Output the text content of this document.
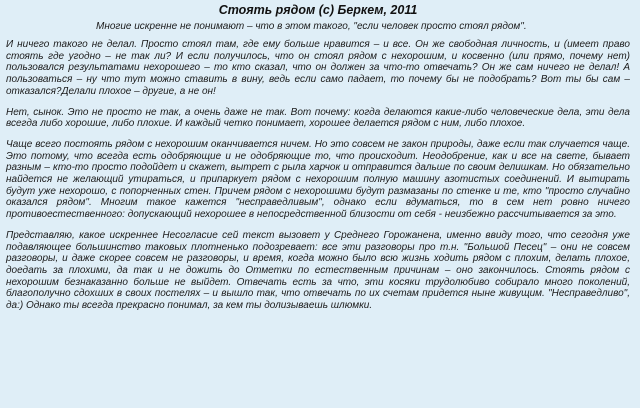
Стоять рядом (с) Беркем, 2011
Многие искренне не понимают – что в этом такого, "если человек просто стоял рядом".

И ничего такого не делал. Просто стоял там, где ему больше нравится – и все. Он же свободная личность, и (имеет право стоять где угодно – не так ли? И если получилось, что он стоял рядом с нехорошим, и косвенно (или прямо, почему нет) пользовался результатами нехорошего – то кто сказал, что он должен за что-то отвечать? Он же сам ничего не делал! А пользоваться – ну что тут можно ставить в вину, ведь если само падает, то почему бы не подобрать? Вот ты бы сам – отказался?Делали плохое – другие, а не он!

Нет, сынок. Это не просто не так, а очень даже не так. Вот почему: когда делаются какие-либо человеческие дела, эти дела всегда либо хорошие, либо плохие. И каждый четко понимает, хорошее делается рядом с ним, либо плохое.

Чаще всего постоять рядом с нехорошим оканчивается ничем. Но это совсем не закон природы, даже если так случается чаще. Это потому, что всегда есть одобряющие и не одобряющие то, что происходит. Неодобрение, как и все на свете, бывает разным – кто-то просто подойдет и скажет, вытрет с рыла харчок и отправится дальше по своим делишкам. Но обязательно найдется не желающий утираться, и припаркует рядом с нехорошим полную машину азотистых соединений. И вытирать будут уже нехорошо, с попорченных стен. Причем рядом с нехорошими будут размазаны по стенке и те, кто "просто случайно оказался рядом". Многим такое кажется "несправедливым", однако если вдуматься, то в сем нет ровно ничего противоестественного: допускающий нехорошее в непосредственной близости от себя - неизбежно рассчитывается за это.

Представляю, какое искреннее Несогласие сей текст вызовет у Среднего Горожанена, именно ввиду того, что сегодня уже подавляющее большинство таковых плотненько подозревает: все эти разговоры про т.н. "Большой Песец" – они не совсем разговоры, и даже скорее совсем не разговоры, и время, когда можно было всю жизнь ходить рядом с плохим, делать плохое, доедать за плохими, да так и не дожить до Отметки по естественным причинам – оно закончилось. Стоять рядом с нехорошим безнаказанно больше не выйдет. Отвечать есть за что, эти косяки трудолюбиво собирало много поколений, благополучно сдохших в своих постелях – и вышло так, что отвечать по их счетам придется ныне живущим. "Несправедливо", да:) Однако ты всегда прекрасно понимал, за кем ты долизываешь шлюмки.
